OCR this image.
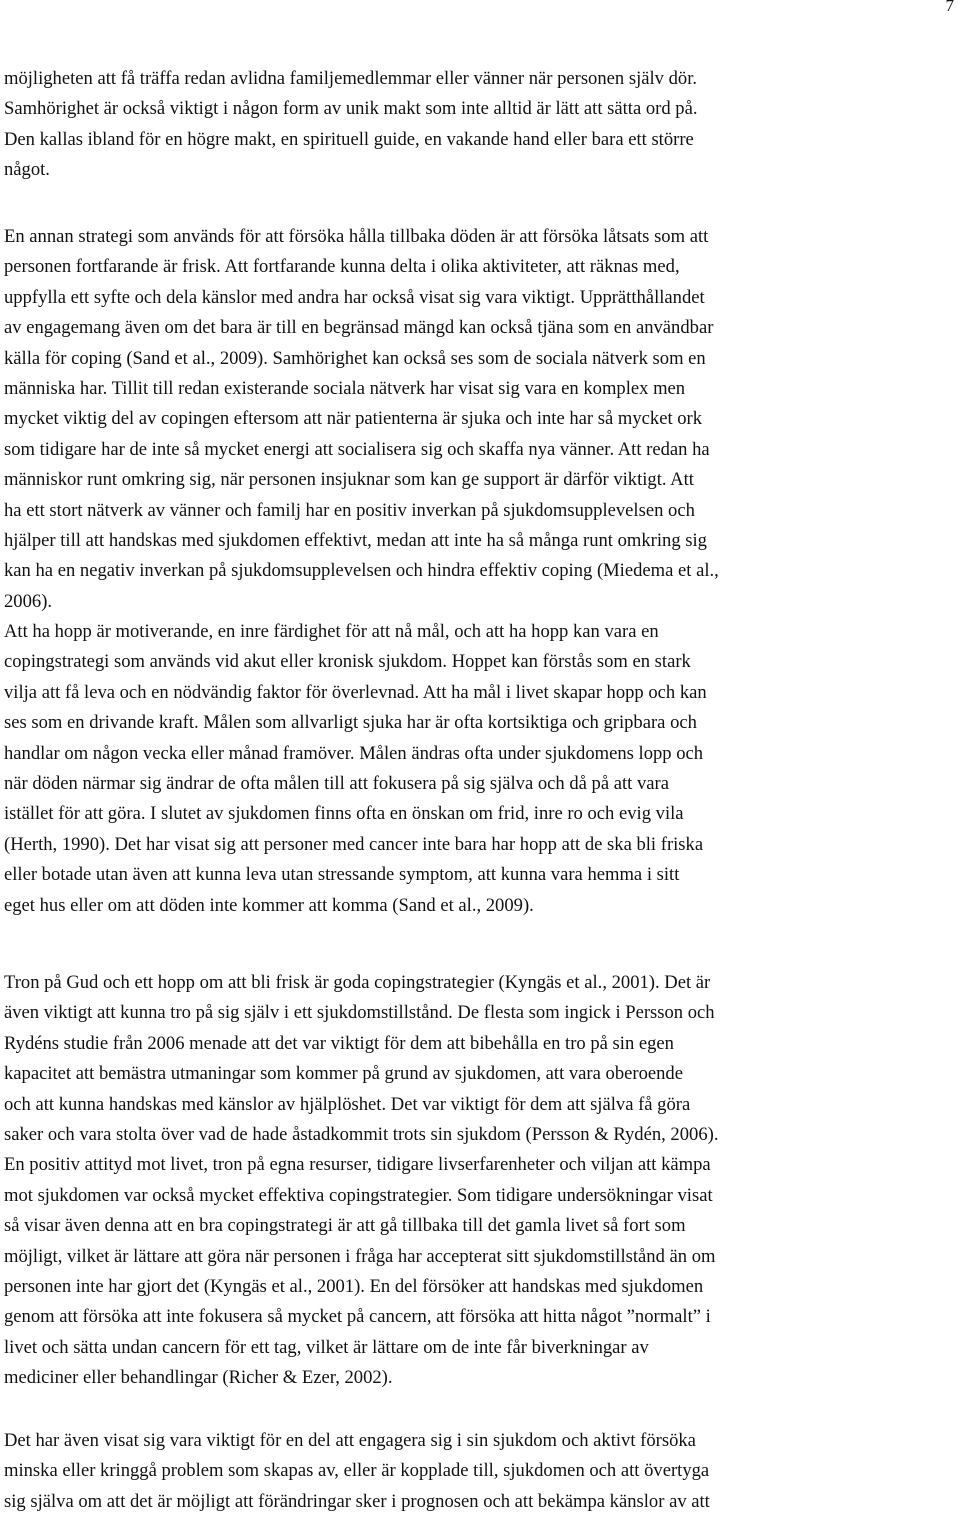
7
möjligheten att få träffa redan avlidna familjemedlemmar eller vänner när personen själv dör.
Samhörighet är också viktigt i någon form av unik makt som inte alltid är lätt att sätta ord på.
Den kallas ibland för en högre makt, en spirituell guide, en vakande hand eller bara ett större
något.
En annan strategi som används för att försöka hålla tillbaka döden är att försöka låtsats som att
personen fortfarande är frisk. Att fortfarande kunna delta i olika aktiviteter, att räknas med,
uppfylla ett syfte och dela känslor med andra har också visat sig vara viktigt. Upprätthållandet
av engagemang även om det bara är till en begränsad mängd kan också tjäna som en användbar
källa för coping (Sand et al., 2009). Samhörighet kan också ses som de sociala nätverk som en
människa har. Tillit till redan existerande sociala nätverk har visat sig vara en komplex men
mycket viktig del av copingen eftersom att när patienterna är sjuka och inte har så mycket ork
som tidigare har de inte så mycket energi att socialisera sig och skaffa nya vänner. Att redan ha
människor runt omkring sig, när personen insjuknar som kan ge support är därför viktigt. Att
ha ett stort nätverk av vänner och familj har en positiv inverkan på sjukdomsupplevelsen och
hjälper till att handskas med sjukdomen effektivt, medan att inte ha så många runt omkring sig
kan ha en negativ inverkan på sjukdomsupplevelsen och hindra effektiv coping (Miedema et al.,
2006).
Att ha hopp är motiverande, en inre färdighet för att nå mål, och att ha hopp kan vara en
copingstrategi som används vid akut eller kronisk sjukdom. Hoppet kan förstås som en stark
vilja att få leva och en nödvändig faktor för överlevnad. Att ha mål i livet skapar hopp och kan
ses som en drivande kraft. Målen som allvarligt sjuka har är ofta kortsiktiga och gripbara och
handlar om någon vecka eller månad framöver. Målen ändras ofta under sjukdomens lopp och
när döden närmar sig ändrar de ofta målen till att fokusera på sig själva och då på att vara
istället för att göra. I slutet av sjukdomen finns ofta en önskan om frid, inre ro och evig vila
(Herth, 1990). Det har visat sig att personer med cancer inte bara har hopp att de ska bli friska
eller botade utan även att kunna leva utan stressande symptom, att kunna vara hemma i sitt
eget hus eller om att döden inte kommer att komma (Sand et al., 2009).
Tron på Gud och ett hopp om att bli frisk är goda copingstrategier (Kyngäs et al., 2001). Det är
även viktigt att kunna tro på sig själv i ett sjukdomstillstånd. De flesta som ingick i Persson och
Rydéns studie från 2006 menade att det var viktigt för dem att bibehålla en tro på sin egen
kapacitet att bemästra utmaningar som kommer på grund av sjukdomen, att vara oberoende
och att kunna handskas med känslor av hjälplöshet. Det var viktigt för dem att själva få göra
saker och vara stolta över vad de hade åstadkommit trots sin sjukdom (Persson & Rydén, 2006).
En positiv attityd mot livet, tron på egna resurser, tidigare livserfarenheter och viljan att kämpa
mot sjukdomen var också mycket effektiva copingstrategier. Som tidigare undersökningar visat
så visar även denna att en bra copingstrategi är att gå tillbaka till det gamla livet så fort som
möjligt, vilket är lättare att göra när personen i fråga har accepterat sitt sjukdomstillstånd än om
personen inte har gjort det (Kyngäs et al., 2001). En del försöker att handskas med sjukdomen
genom att försöka att inte fokusera så mycket på cancern, att försöka att hitta något ”normalt” i
livet och sätta undan cancern för ett tag, vilket är lättare om de inte får biverkningar av
mediciner eller behandlingar (Richer & Ezer, 2002).
Det har även visat sig vara viktigt för en del att engagera sig i sin sjukdom och aktivt försöka
minska eller kringgå problem som skapas av, eller är kopplade till, sjukdomen och att övertyga
sig själva om att det är möjligt att förändringar sker i prognosen och att bekämpa känslor av att
